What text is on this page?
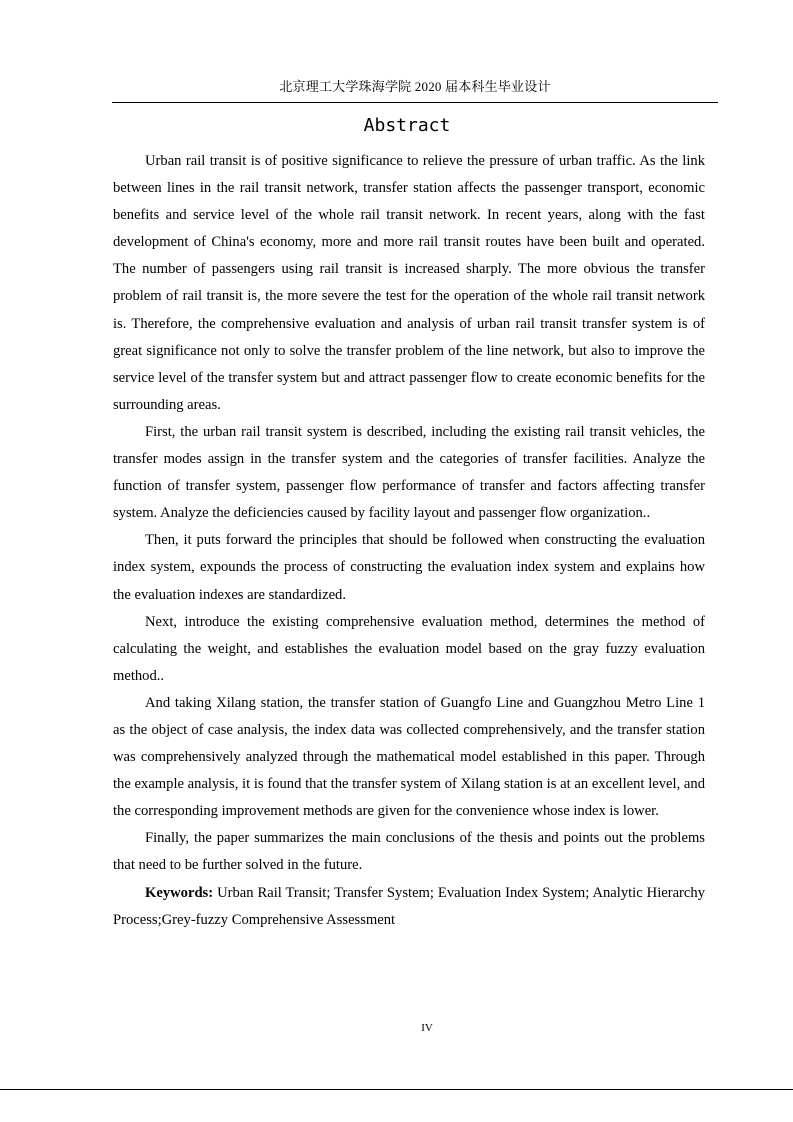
北京理工大学珠海学院 2020 届本科生毕业设计
Abstract

Urban rail transit is of positive significance to relieve the pressure of urban traffic. As the link between lines in the rail transit network, transfer station affects the passenger transport, economic benefits and service level of the whole rail transit network. In recent years, along with the fast development of China's economy, more and more rail transit routes have been built and operated. The number of passengers using rail transit is increased sharply. The more obvious the transfer problem of rail transit is, the more severe the test for the operation of the whole rail transit network is. Therefore, the comprehensive evaluation and analysis of urban rail transit transfer system is of great significance not only to solve the transfer problem of the line network, but also to improve the service level of the transfer system but and attract passenger flow to create economic benefits for the surrounding areas.

First, the urban rail transit system is described, including the existing rail transit vehicles, the transfer modes assign in the transfer system and the categories of transfer facilities. Analyze the function of transfer system, passenger flow performance of transfer and factors affecting transfer system. Analyze the deficiencies caused by facility layout and passenger flow organization..

Then, it puts forward the principles that should be followed when constructing the evaluation index system, expounds the process of constructing the evaluation index system and explains how the evaluation indexes are standardized.

Next, introduce the existing comprehensive evaluation method, determines the method of calculating the weight, and establishes the evaluation model based on the gray fuzzy evaluation method..

And taking Xilang station, the transfer station of Guangfo Line and Guangzhou Metro Line 1 as the object of case analysis, the index data was collected comprehensively, and the transfer station was comprehensively analyzed through the mathematical model established in this paper. Through the example analysis, it is found that the transfer system of Xilang station is at an excellent level, and the corresponding improvement methods are given for the convenience whose index is lower.

Finally, the paper summarizes the main conclusions of the thesis and points out the problems that need to be further solved in the future.

Keywords: Urban Rail Transit; Transfer System; Evaluation Index System; Analytic Hierarchy Process;Grey-fuzzy Comprehensive Assessment

IV
